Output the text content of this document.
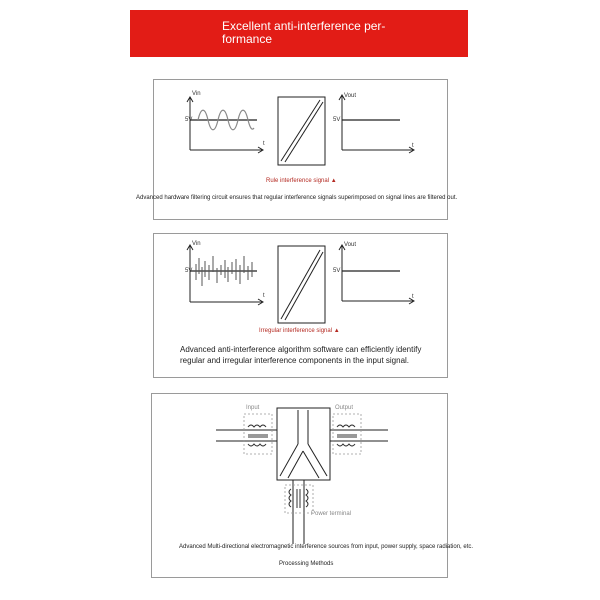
Excellent anti-interference per-
formance
Vin
5V
t
Vout
5V
t
Rule interference signal ▲
Advanced hardware filtering circuit ensures that regular interference signals superimposed on signal lines are filtered out.
Vin
5V
t
Vout
5V
t
Irregular interference signal ▲
Advanced anti-interference algorithm software can efficiently identify regular and irregular interference components in the input signal.
Input	Output
Power terminal
Advanced Multi-directional electromagnetic interference sources from input, power supply, space radiation, etc.
Processing Methods
